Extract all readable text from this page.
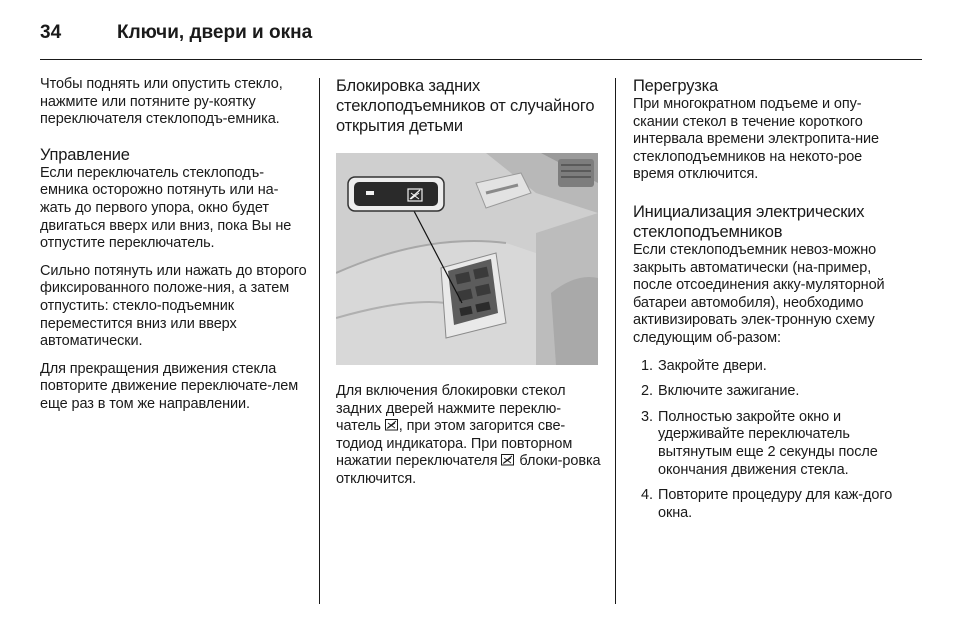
34	Ключи, двери и окна

Чтобы поднять или опустить стекло, нажмите или потяните ру-коятку переключателя стеклоподъ-емника.

Управление

Если переключатель стеклоподъ-емника осторожно потянуть или на-жать до первого упора, окно будет двигаться вверх или вниз, пока Вы не отпустите переключатель.

Сильно потянуть или нажать до второго фиксированного положе-ния, а затем отпустить: стекло-подъемник переместится вниз или вверх автоматически.

Для прекращения движения стекла повторите движение переключате-лем еще раз в том же направлении.

Блокировка задних стеклоподъемников от случайного открытия детьми

Для включения блокировки стекол задних дверей нажмите переклю-чатель , при этом загорится све-тодиод индикатора. При повторном нажатии переключателя  блоки-ровка отключится.

Перегрузка

При многократном подъеме и опу-скании стекол в течение короткого интервала времени электропита-ние стеклоподъемников на некото-рое время отключится.

Инициализация электрических стеклоподъемников

Если стеклоподъемник невоз-можно закрыть автоматически (на-пример, после отсоединения акку-муляторной батареи автомобиля), необходимо активизировать элек-тронную схему следующим об-разом:

1. Закройте двери.
2. Включите зажигание.
3. Полностью закройте окно и удерживайте переключатель вытянутым еще 2 секунды после окончания движения стекла.
4. Повторите процедуру для каж-дого окна.
